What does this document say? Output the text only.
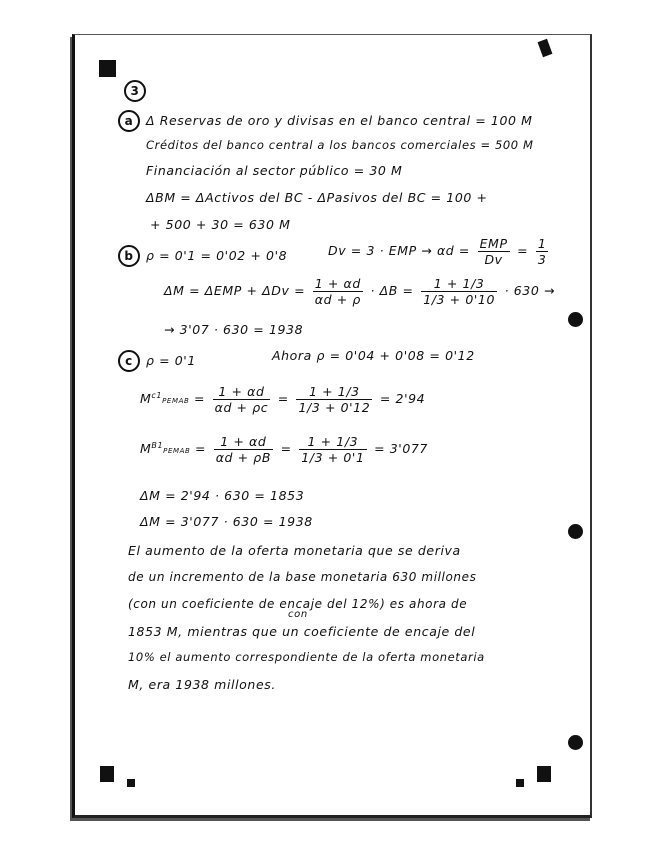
3
a Δ Reservas de oro y divisas en el banco central = 100 M
Créditos del banco central a los bancos comerciales = 500 M
Financiación al sector público = 30 M
ΔBM = ΔActivos del BC - ΔPasivos del BC = 100 +
+ 500 + 30 = 630 M
b ρ = 0'1 = 0'02 + 0'8	Dv = 3 · EMP → $\alpha d = \frac{\text{EMP}}{Dv} = \frac{1}{3}$
$\Delta M = \Delta EMP + \Delta Dv = \frac{1 + \alpha d}{\alpha d + \rho} \cdot \Delta B = \frac{1 + 1/3}{1/3 + 0'10} \cdot 630$ →
→ 3'07 · 630 = 1938
c ρ = 0'1	Ahora ρ = 0'04 + 0'08 = 0'12
$M^{c1}PEMAB = \frac{1 + \alpha d}{\alpha d + \rho c} = \frac{1 + 1/3}{1/3 + 0'12} = 2'94$
$M^{B1}PEMAB = \frac{1 + \alpha d}{\alpha d + \rho B} = \frac{1 + 1/3}{1/3 + 0'1} = 3'077$
ΔM = 2'94 · 630 = 1853
ΔM = 3'077 · 630 = 1938
El aumento de la oferta monetaria que se deriva
de un incremento de la base monetaria 630 millones
(con un coeficiente de encaje del 12%) es ahora de
con
1853 M, mientras que un coeficiente de encaje del
10% el aumento correspondiente de la oferta monetaria
M, era 1938 millones.
